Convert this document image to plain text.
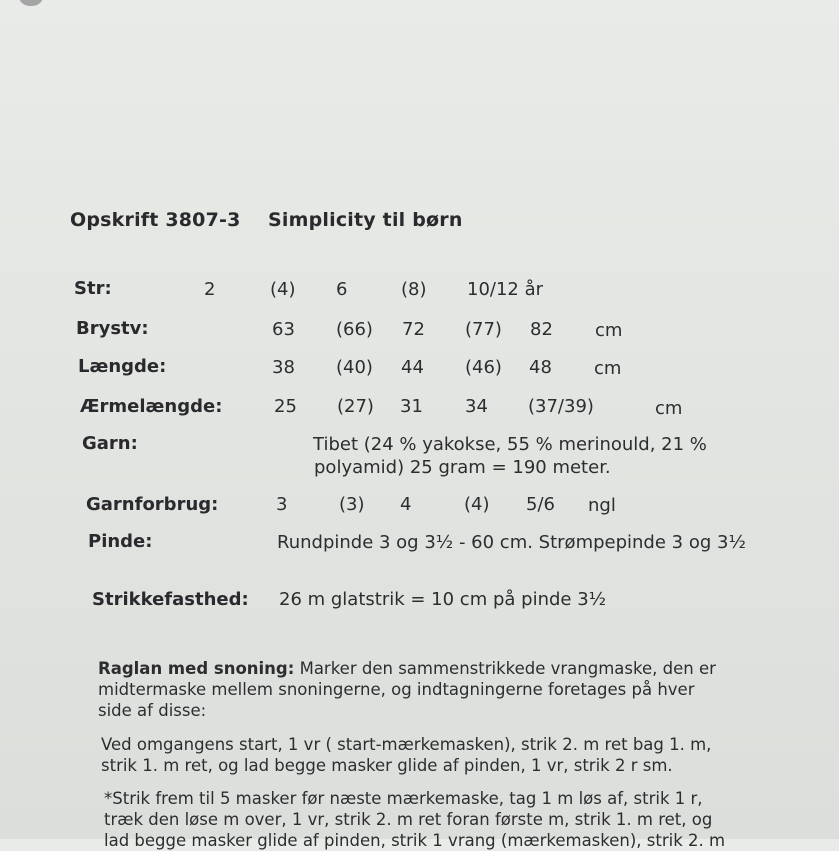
Opskrift 3807-3 Simplicity til børn
Str:	2	(4) 6	(8) 10/12 år
Brystv:	63 (66) 72 (77) 82 cm
Længde:	38 (40) 44 (46) 48 cm
Ærmelængde:	25 (27) 31 34 (37/39)	cm
Garn:	Tibet (24 % yakokse, 55 % merinould, 21 %
polyamid) 25 gram = 190 meter.
Garnforbrug:	3	(3) 4	(4) 5/6 ngl
Pinde:	Rundpinde 3 og 3½ - 60 cm. Strømpepinde 3 og 3½
Strikkefasthed: 26 m glatstrik = 10 cm på pinde 3½
Raglan med snoning: Marker den sammenstrikkede vrangmaske, den er
midtermaske mellem snoningerne, og indtagningerne foretages på hver
side af disse:
Ved omgangens start, 1 vr ( start-mærkemasken), strik 2. m ret bag 1. m,
strik 1. m ret, og lad begge masker glide af pinden, 1 vr, strik 2 r sm.
*Strik frem til 5 masker før næste mærkemaske, tag 1 m løs af, strik 1 r,
træk den løse m over, 1 vr, strik 2. m ret foran første m, strik 1. m ret, og
lad begge masker glide af pinden, strik 1 vrang (mærkemasken), strik 2. m
